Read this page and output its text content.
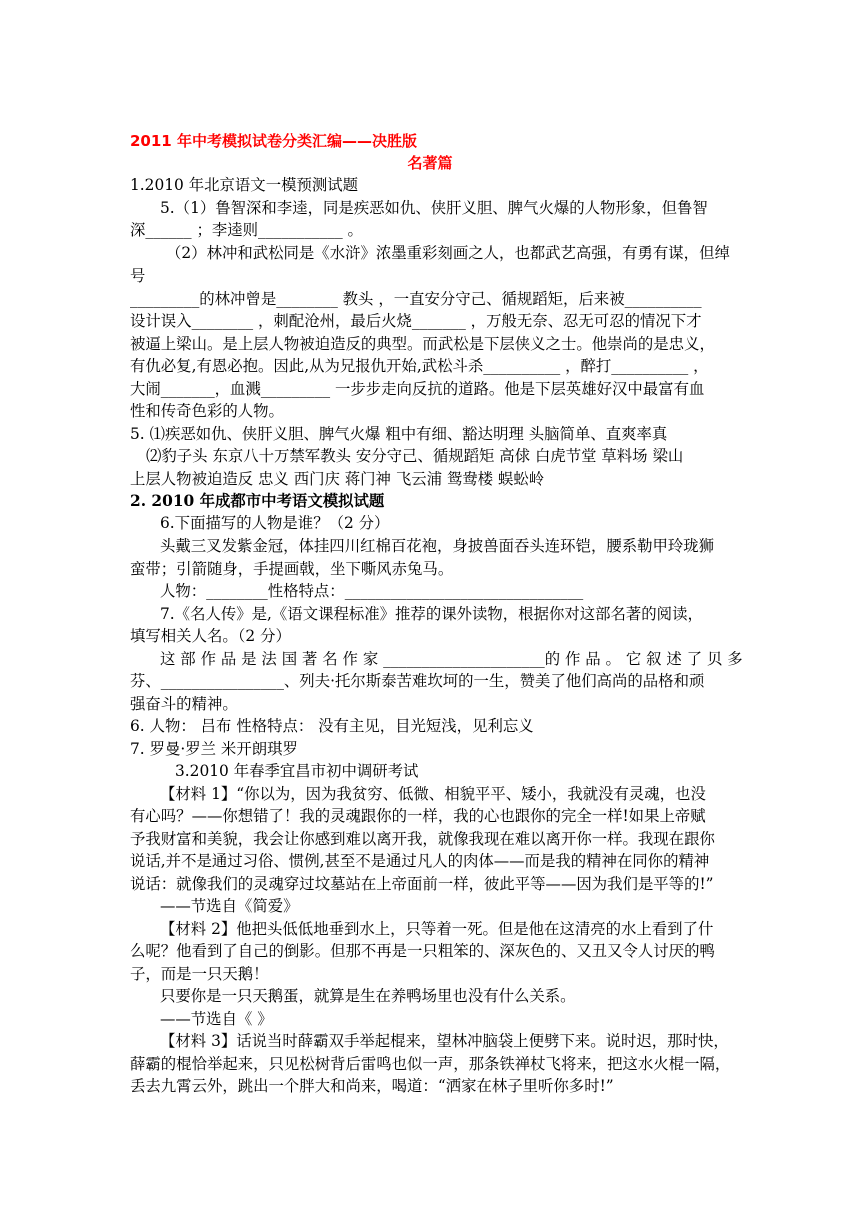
2011 年中考模拟试卷分类汇编——决胜版
名著篇
1.2010 年北京语文一模预测试题
5.（1）鲁智深和李逵，同是疾恶如仇、侠肝义胆、脾气火爆的人物形象，但鲁智
深______ ；李逵则___________ 。
（2）林冲和武松同是《水浒》浓墨重彩刻画之人，也都武艺高强，有勇有谋，但绰
号
_________的林冲曾是________ 教头 ，一直安分守己、循规蹈矩，后来被__________
设计误入________ ，刺配沧州，最后火烧_______ ，万般无奈、忍无可忍的情况下才
被逼上梁山。是上层人物被迫造反的典型。而武松是下层侠义之士。他崇尚的是忠义，
有仇必复,有恩必抱。因此,从为兄报仇开始,武松斗杀__________ ，醉打__________ ，
大闹_______，血溅_________ 一步步走向反抗的道路。他是下层英雄好汉中最富有血
性和传奇色彩的人物。
5. ⑴疾恶如仇、侠肝义胆、脾气火爆 粗中有细、豁达明理 头脑简单、直爽率真
⑵豹子头 东京八十万禁军教头 安分守己、循规蹈矩 高俅 白虎节堂 草料场 梁山
上层人物被迫造反 忠义 西门庆 蒋门神 飞云浦 鸳鸯楼 蜈蚣岭
2. 2010 年成都市中考语文模拟试题
6.下面描写的人物是谁？（2 分）
头戴三叉发紫金冠，体挂四川红棉百花袍，身披兽面吞头连环铠，腰系勒甲玲珑狮
蛮带；引箭随身，手提画戟，坐下嘶风赤兔马。
人物：________性格特点：_______________________________
7.《名人传》是,《语文课程标准》推荐的课外读物，根据你对这部名著的阅读，
填写相关人名。（2 分）
这 部 作 品 是 法 国 著 名 作 家 _____________________的 作 品 。 它 叙 述 了 贝 多
芬、________________、列夫·托尔斯泰苦难坎坷的一生，赞美了他们高尚的品格和顽
强奋斗的精神。
6. 人物： 吕布 性格特点： 没有主见，目光短浅，见利忘义
7. 罗曼·罗兰 米开朗琪罗
3.2010 年春季宜昌市初中调研考试
【材料 1】“你以为，因为我贫穷、低微、相貌平平、矮小，我就没有灵魂，也没
有心吗？——你想错了！我的灵魂跟你的一样，我的心也跟你的完全一样!如果上帝赋
予我财富和美貌，我会让你感到难以离开我，就像我现在难以离开你一样。我现在跟你
说话,并不是通过习俗、惯例,甚至不是通过凡人的肉体——而是我的精神在同你的精神
说话：就像我们的灵魂穿过坟墓站在上帝面前一样，彼此平等——因为我们是平等的!”
——节选自《简爱》
【材料 2】他把头低低地垂到水上，只等着一死。但是他在这清亮的水上看到了什
么呢？他看到了自己的倒影。但那不再是一只粗笨的、深灰色的、又丑又令人讨厌的鸭
子，而是一只天鹅！
只要你是一只天鹅蛋，就算是生在养鸭场里也没有什么关系。
——节选自《 》
【材料 3】话说当时薛霸双手举起棍来，望林冲脑袋上便劈下来。说时迟，那时快，
薛霸的棍恰举起来，只见松树背后雷鸣也似一声，那条铁禅杖飞将来，把这水火棍一隔，
丢去九霄云外，跳出一个胖大和尚来，喝道：“洒家在林子里听你多时!”
